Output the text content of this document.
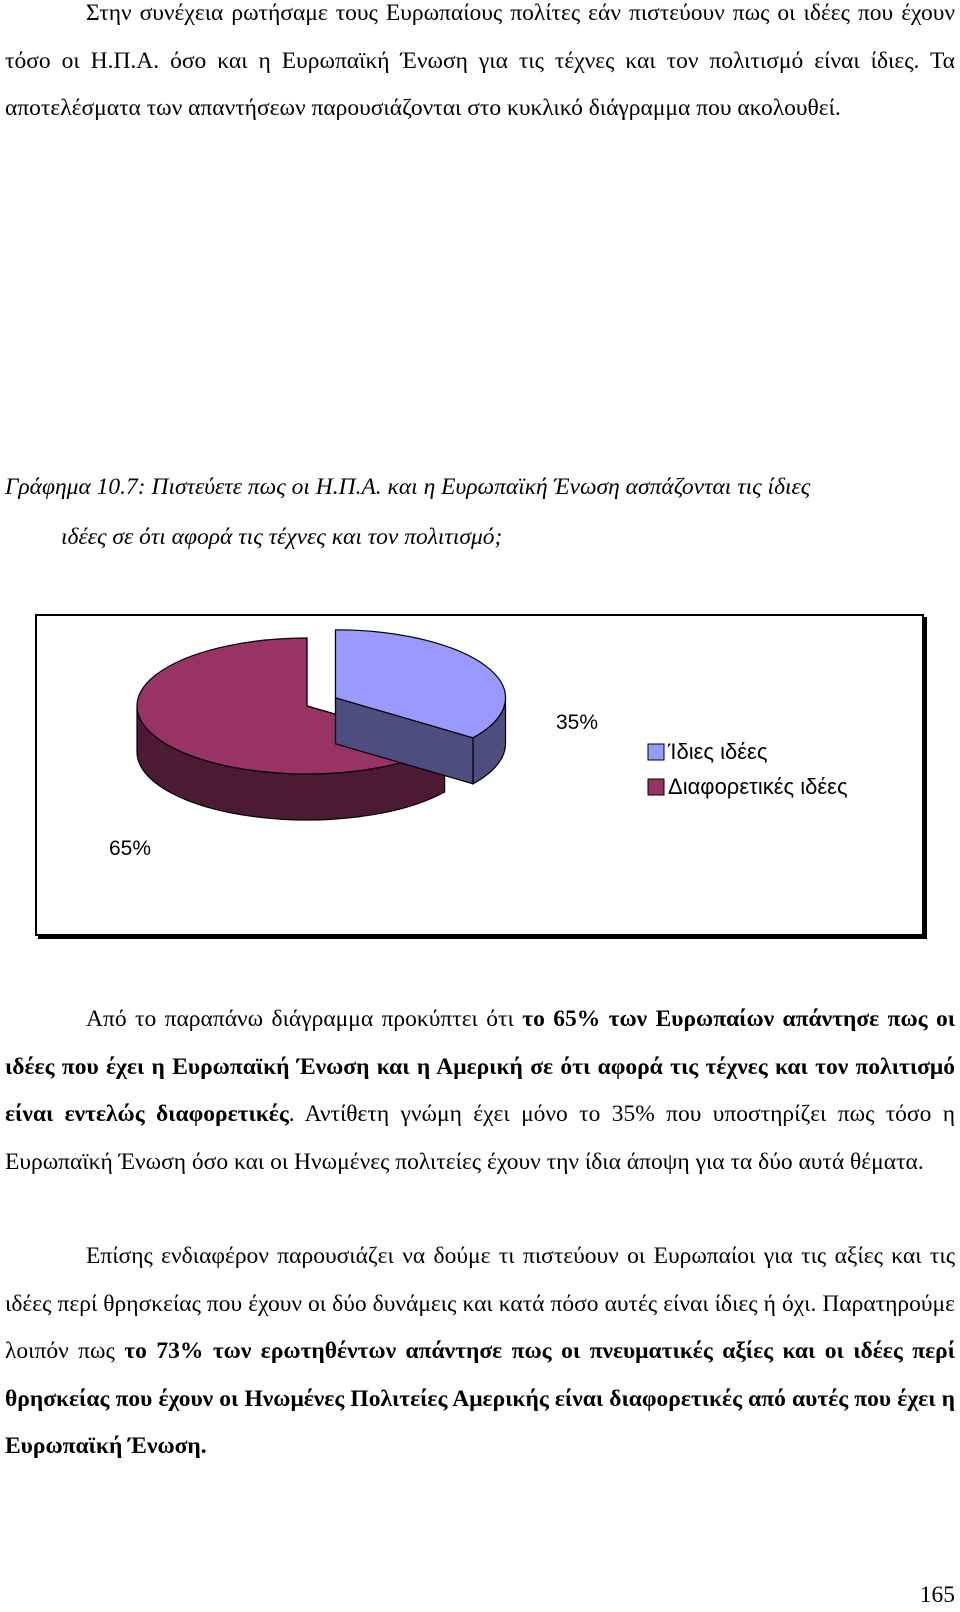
Στην συνέχεια ρωτήσαμε τους Ευρωπαίους πολίτες εάν πιστεύουν πως οι ιδέες που έχουν τόσο οι Η.Π.Α. όσο και η Ευρωπαϊκή Ένωση για τις τέχνες και τον πολιτισμό είναι ίδιες. Τα αποτελέσματα των απαντήσεων παρουσιάζονται στο κυκλικό διάγραμμα που ακολουθεί.

Γράφημα 10.7: Πιστεύετε πως οι Η.Π.Α. και η Ευρωπαϊκή Ένωση ασπάζονται τις ίδιες
ιδέες σε ότι αφορά τις τέχνες και τον πολιτισμό;
35%
65%
Ίδιες ιδέες
Διαφορετικές ιδέες

Από το παραπάνω διάγραμμα προκύπτει ότι το 65% των Ευρωπαίων απάντησε πως οι ιδέες που έχει η Ευρωπαϊκή Ένωση και η Αμερική σε ότι αφορά τις τέχνες και τον πολιτισμό είναι εντελώς διαφορετικές. Αντίθετη γνώμη έχει μόνο το 35% που υποστηρίζει πως τόσο η Ευρωπαϊκή Ένωση όσο και οι Ηνωμένες πολιτείες έχουν την ίδια άποψη για τα δύο αυτά θέματα.

Επίσης ενδιαφέρον παρουσιάζει να δούμε τι πιστεύουν οι Ευρωπαίοι για τις αξίες και τις ιδέες περί θρησκείας που έχουν οι δύο δυνάμεις και κατά πόσο αυτές είναι ίδιες ή όχι. Παρατηρούμε λοιπόν πως το 73% των ερωτηθέντων απάντησε πως οι πνευματικές αξίες και οι ιδέες περί θρησκείας που έχουν οι Ηνωμένες Πολιτείες Αμερικής είναι διαφορετικές από αυτές που έχει η Ευρωπαϊκή Ένωση.

165
